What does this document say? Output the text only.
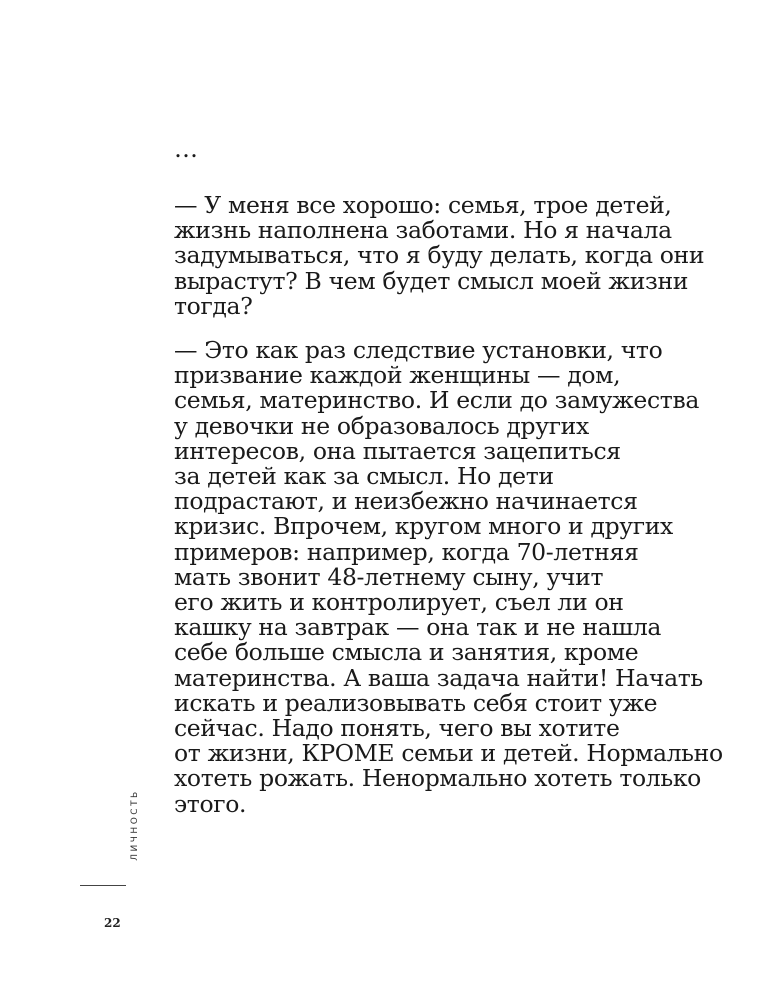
…
— У меня все хорошо: семья, трое детей,
жизнь наполнена заботами. Но я начала
задумываться, что я буду делать, когда они
вырастут? В чем будет смысл моей жизни
тогда?
— Это как раз следствие установки, что
призвание каждой женщины — дом,
семья, материнство. И если до замужества
у девочки не образовалось других
интересов, она пытается зацепиться
за детей как за смысл. Но дети
подрастают, и неизбежно начинается
кризис. Впрочем, кругом много и других
примеров: например, когда 70-летняя
мать звонит 48-летнему сыну, учит
его жить и контролирует, съел ли он
кашку на завтрак — она так и не нашла
себе больше смысла и занятия, кроме
материнства. А ваша задача найти! Начать
искать и реализовывать себя стоит уже
сейчас. Надо понять, чего вы хотите
от жизни, КРОМЕ семьи и детей. Нормально
хотеть рожать. Ненормально хотеть только
этого.
ЛИЧНОСТЬ
22
